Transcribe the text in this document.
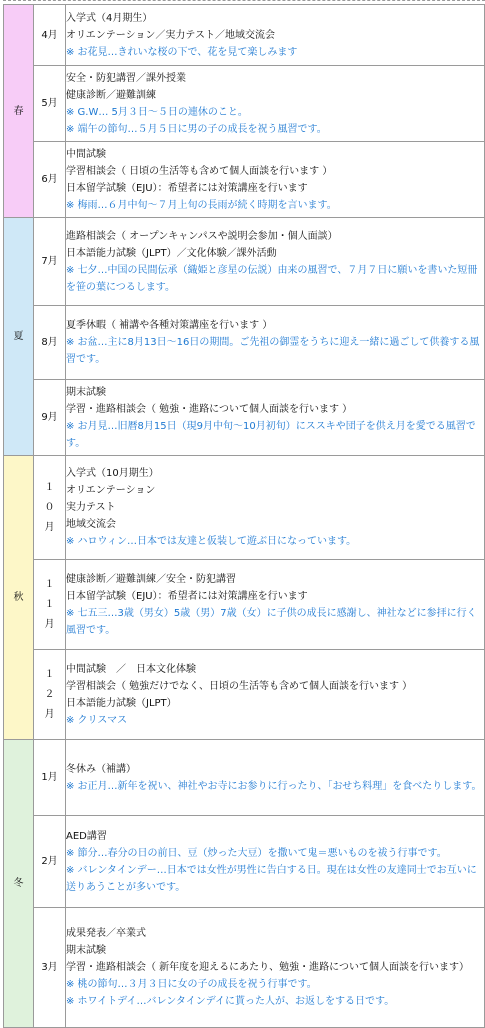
春	4月	入学式（4月期生）
オリエンテーション／実力テスト／地域交流会
※ お花見…きれいな桜の下で、花を見て楽しみます

	5月	安全・防犯講習／課外授業
健康診断／避難訓練
※ G.W… 5月３日～５日の連休のこと。
※ 端午の節句…５月５日に男の子の成長を祝う風習です。

	6月	中間試験
学習相談会（ 日頃の生活等も含めて個人面談を行います ）
日本留学試験（EJU）：希望者には対策講座を行います
※ 梅雨…６月中旬～７月上旬の長雨が続く時期を言います。

夏	7月	進路相談会（ オープンキャンパスや説明会参加・個人面談）
日本語能力試験（JLPT）／文化体験／課外活動
※ 七夕…中国の民間伝承（織姫と彦星の伝説）由来の風習で、７月７日に願いを書いた短冊を笹の葉につるします。

	8月	夏季休暇（ 補講や各種対策講座を行います ）
※ お盆…主に8月13日～16日の期間。ご先祖の御霊をうちに迎え一緒に過ごして供養する風習です。

	9月	期末試験
学習・進路相談会（ 勉強・進路について個人面談を行います ）
※ お月見…旧暦8月15日（現9月中旬～10月初旬）にススキや団子を供え月を愛でる風習です。

秋	１０月	入学式（10月期生）
オリエンテーション
実力テスト
地域交流会
※ ハロウィン…日本では友達と仮装して遊ぶ日になっています。

	１１月	健康診断／避難訓練／安全・防犯講習
日本留学試験（EJU）：希望者には対策講座を行います
※ 七五三…3歳（男女）5歳（男）7歳（女）に子供の成長に感謝し、神社などに参拝に行く風習です。

	１２月	中間試験　／　日本文化体験
学習相談会（ 勉強だけでなく、日頃の生活等も含めて個人面談を行います ）
日本語能力試験（JLPT）
※ クリスマス

冬	1月	冬休み（補講）
※ お正月…新年を祝い、神社やお寺にお参りに行ったり、「おせち料理」を食べたりします。

	2月	AED講習
※ 節分…春分の日の前日、豆（炒った大豆）を撒いて鬼＝悪いものを祓う行事です。
※ バレンタインデー…日本では女性が男性に告白する日。現在は女性の友達同士でお互いに送りあうことが多いです。

	3月	成果発表／卒業式
期末試験
学習・進路相談会（ 新年度を迎えるにあたり、勉強・進路について個人面談を行います）
※ 桃の節句…３月３日に女の子の成長を祝う行事です。
※ ホワイトデイ…バレンタインデイに貰った人が、お返しをする日です。
